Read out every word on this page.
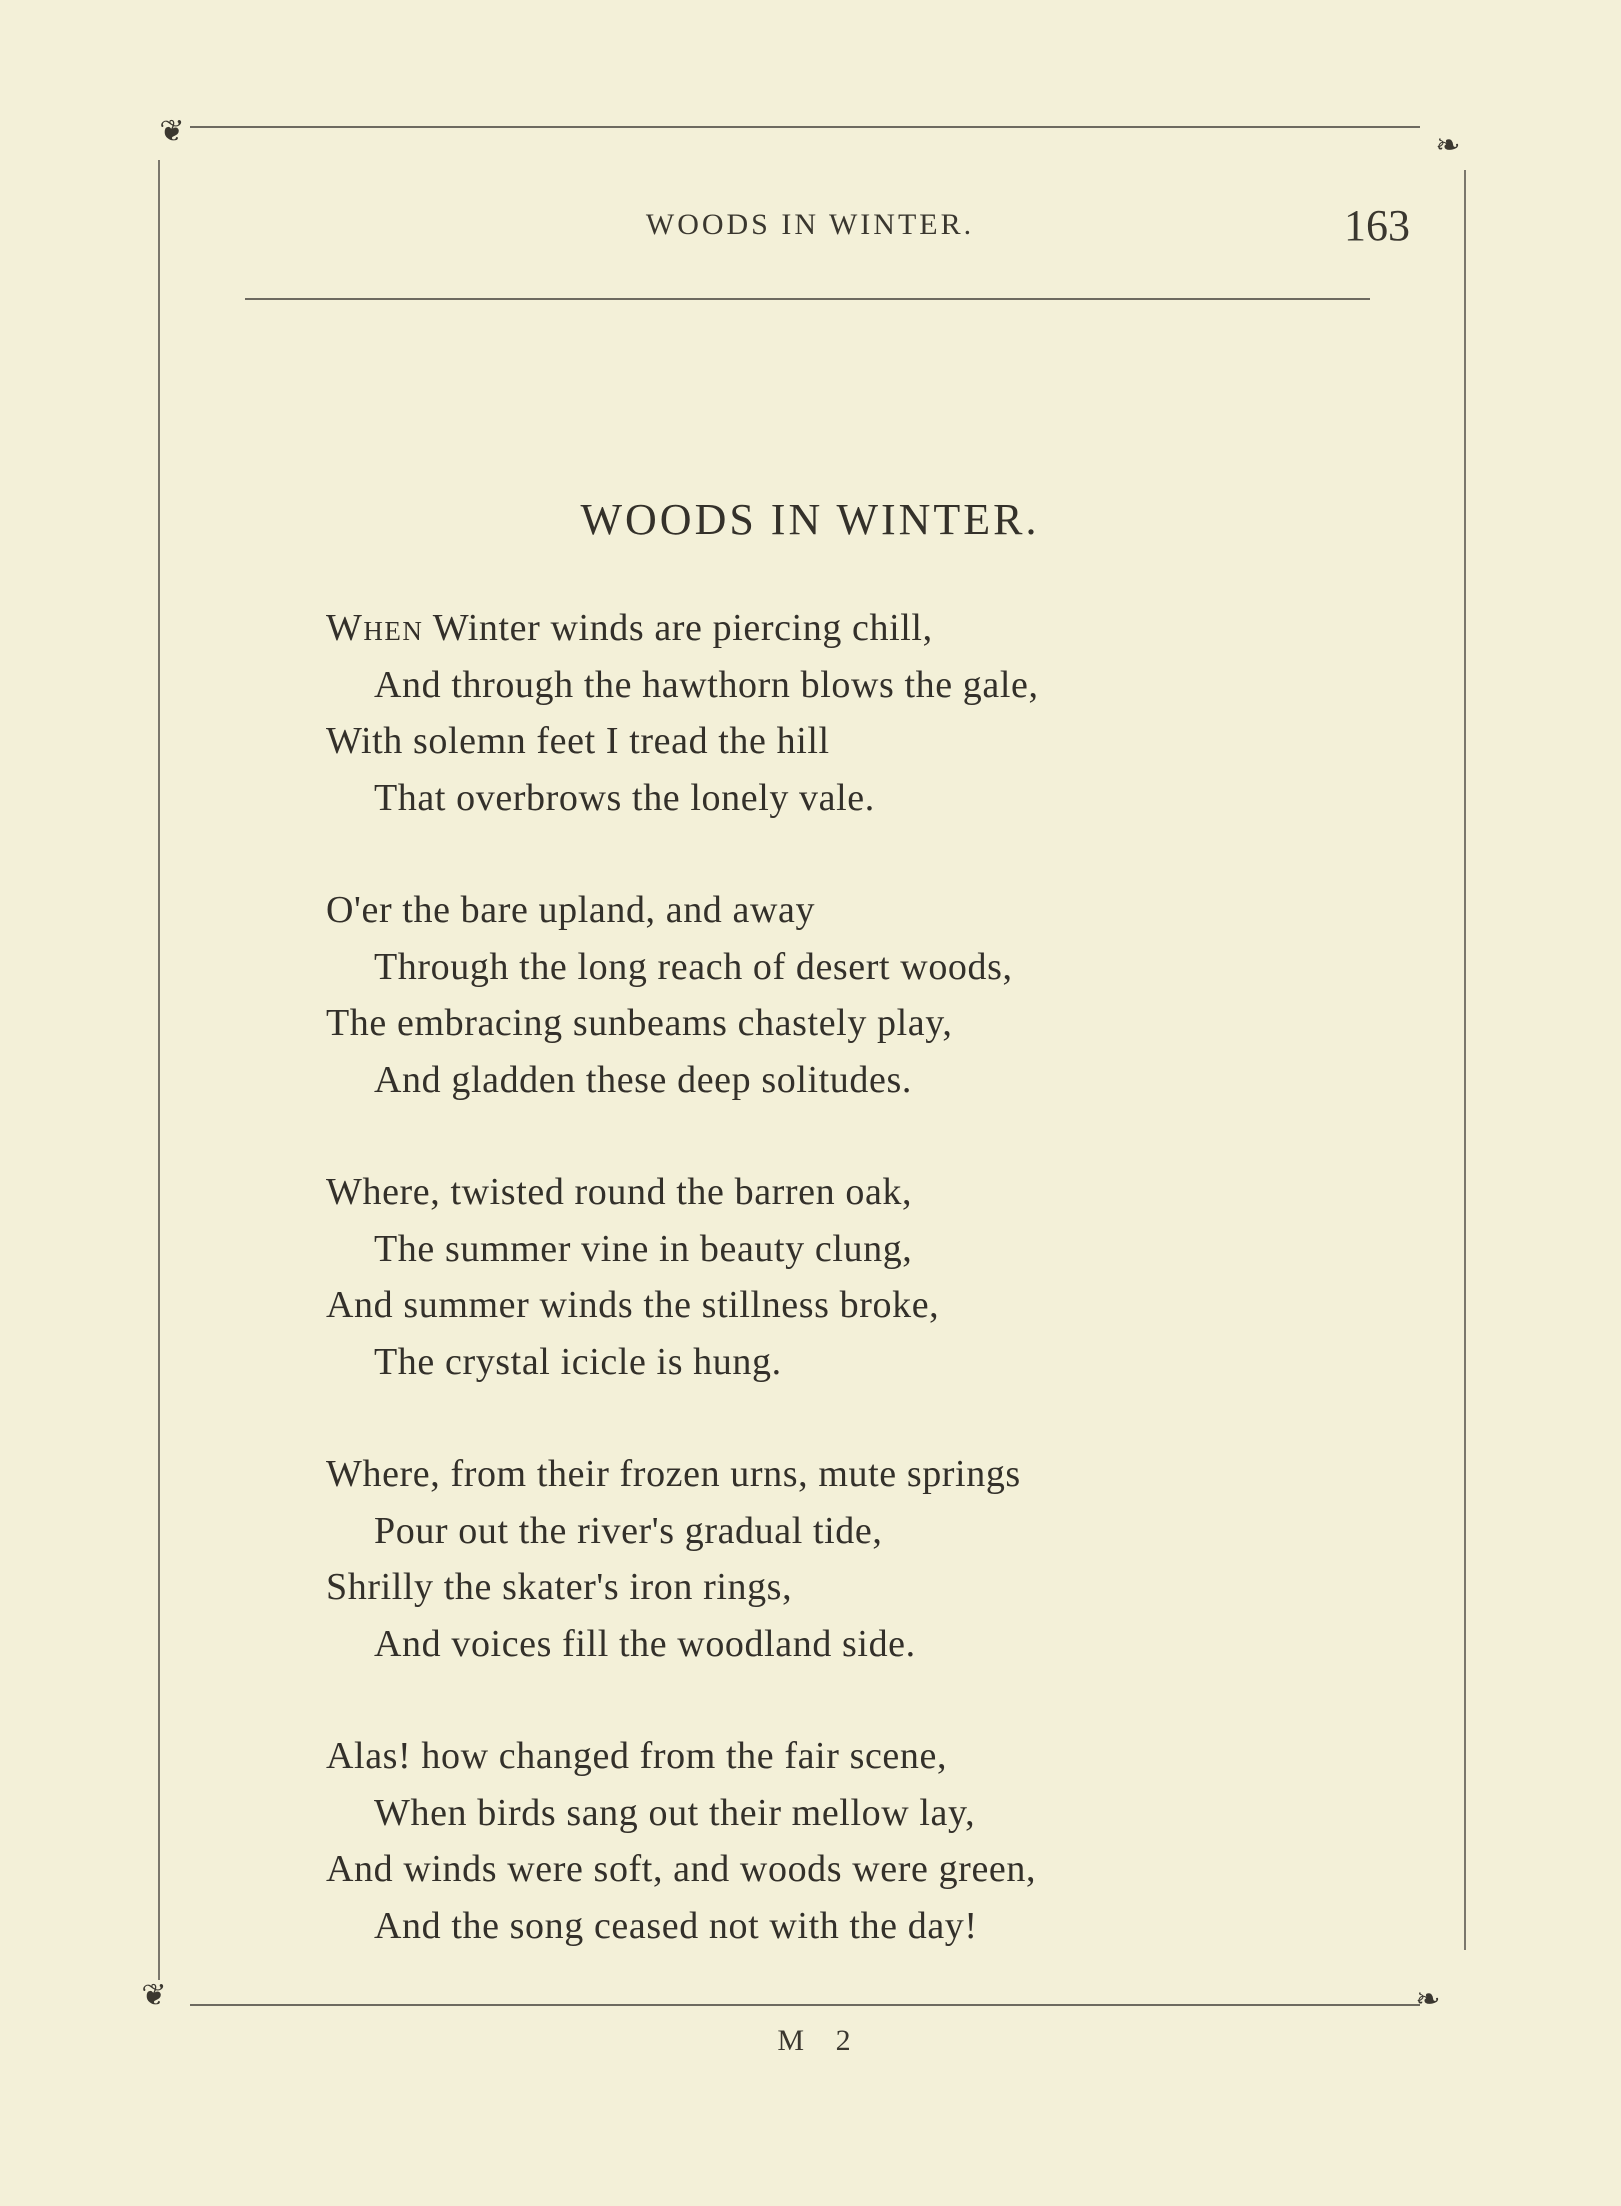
❦	❧
❦	❧
WOODS IN WINTER.	163
WOODS IN WINTER.
When Winter winds are piercing chill,
And through the hawthorn blows the gale,
With solemn feet I tread the hill
That overbrows the lonely vale.
O'er the bare upland, and away
Through the long reach of desert woods,
The embracing sunbeams chastely play,
And gladden these deep solitudes.
Where, twisted round the barren oak,
The summer vine in beauty clung,
And summer winds the stillness broke,
The crystal icicle is hung.
Where, from their frozen urns, mute springs
Pour out the river's gradual tide,
Shrilly the skater's iron rings,
And voices fill the woodland side.
Alas! how changed from the fair scene,
When birds sang out their mellow lay,
And winds were soft, and woods were green,
And the song ceased not with the day!
M 2
